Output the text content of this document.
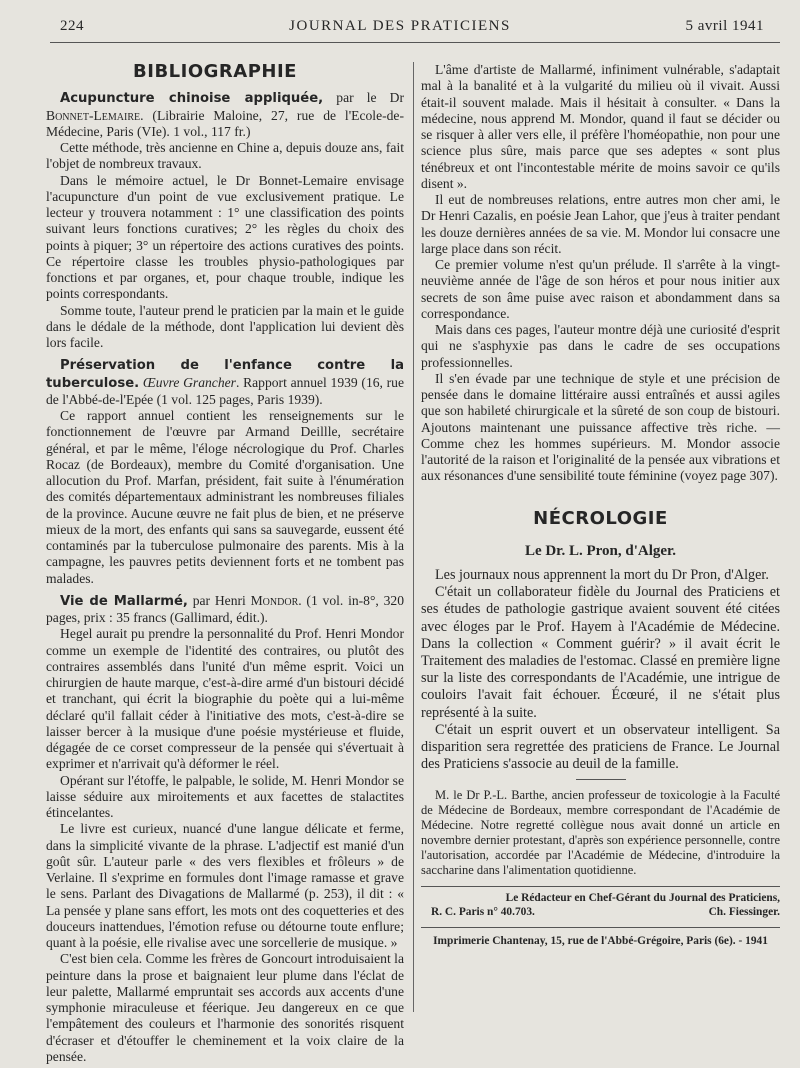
224	JOURNAL DES PRATICIENS	5 avril 1941
BIBLIOGRAPHIE

Acupuncture chinoise appliquée, par le Dr Bonnet-Lemaire. (Librairie Maloine, 27, rue de l'Ecole-de-Médecine, Paris (VIe). 1 vol., 117 fr.)

Cette méthode, très ancienne en Chine a, depuis douze ans, fait l'objet de nombreux travaux.

Dans le mémoire actuel, le Dr Bonnet-Lemaire envisage l'acupuncture d'un point de vue exclusivement pratique. Le lecteur y trouvera notamment : 1° une classification des points suivant leurs fonctions curatives; 2° les règles du choix des points à piquer; 3° un répertoire des actions curatives des points. Ce répertoire classe les troubles physio-pathologiques par fonctions et par organes, et, pour chaque trouble, indique les points correspondants.

Somme toute, l'auteur prend le praticien par la main et le guide dans le dédale de la méthode, dont l'application lui devient dès lors facile.

Préservation de l'enfance contre la tuberculose. Œuvre Grancher. Rapport annuel 1939 (16, rue de l'Abbé-de-l'Epée (1 vol. 125 pages, Paris 1939).

Ce rapport annuel contient les renseignements sur le fonctionnement de l'œuvre par Armand Deillle, secrétaire général, et par le même, l'éloge nécrologique du Prof. Charles Rocaz (de Bordeaux), membre du Comité d'organisation. Une allocution du Prof. Marfan, président, fait suite à l'énumération des comités départementaux administrant les nombreuses filiales de la province. Aucune œuvre ne fait plus de bien, et ne préserve mieux de la mort, des enfants qui sans sa sauvegarde, eussent été contaminés par la tuberculose pulmonaire des parents. Mis à la campagne, les pauvres petits deviennent forts et ne tombent pas malades.

Vie de Mallarmé, par Henri Mondor. (1 vol. in-8°, 320 pages, prix : 35 francs (Gallimard, édit.).

Hegel aurait pu prendre la personnalité du Prof. Henri Mondor comme un exemple de l'identité des contraires, ou plutôt des contraires assemblés dans l'unité d'un même esprit. Voici un chirurgien de haute marque, c'est-à-dire armé d'un bistouri décidé et tranchant, qui écrit la biographie du poète qui a lui-même déclaré qu'il fallait céder à l'initiative des mots, c'est-à-dire se laisser bercer à la musique d'une poésie mystérieuse et fluide, dégagée de ce corset compresseur de la pensée qui s'évertuait à exprimer et n'arrivait qu'à déformer le réel.

Opérant sur l'étoffe, le palpable, le solide, M. Henri Mondor se laisse séduire aux miroitements et aux facettes de stalactites étincelantes.

Le livre est curieux, nuancé d'une langue délicate et ferme, dans la simplicité vivante de la phrase. L'adjectif est manié d'un goût sûr. L'auteur parle « des vers flexibles et frôleurs » de Verlaine. Il s'exprime en formules dont l'image ramasse et grave le sens. Parlant des Divagations de Mallarmé (p. 253), il dit : « La pensée y plane sans effort, les mots ont des coquetteries et des douceurs inattendues, l'émotion refuse ou détourne toute enflure; quant à la poésie, elle rivalise avec une sorcellerie de musique. »

C'est bien cela. Comme les frères de Goncourt introduisaient la peinture dans la prose et baignaient leur plume dans l'éclat de leur palette, Mallarmé empruntait ses accords aux accents d'une symphonie miraculeuse et féerique. Jeu dangereux en ce que l'empâtement des couleurs et l'harmonie des sonorités risquent d'écraser et d'étouffer le cheminement et la voix claire de la pensée.

L'âme d'artiste de Mallarmé, infiniment vulnérable, s'adaptait mal à la banalité et à la vulgarité du milieu où il vivait. Aussi était-il souvent malade. Mais il hésitait à consulter. « Dans la médecine, nous apprend M. Mondor, quand il faut se décider ou se risquer à aller vers elle, il préfère l'homéopathie, non pour une science plus sûre, mais parce que ses adeptes « sont plus ténébreux et ont l'incontestable mérite de moins savoir ce qu'ils disent ».

Il eut de nombreuses relations, entre autres mon cher ami, le Dr Henri Cazalis, en poésie Jean Lahor, que j'eus à traiter pendant les douze dernières années de sa vie. M. Mondor lui consacre une large place dans son récit.

Ce premier volume n'est qu'un prélude. Il s'arrête à la vingt-neuvième année de l'âge de son héros et pour nous initier aux secrets de son âme puise avec raison et abondamment dans sa correspondance.

Mais dans ces pages, l'auteur montre déjà une curiosité d'esprit qui ne s'asphyxie pas dans le cadre de ses occupations professionnelles.

Il s'en évade par une technique de style et une précision de pensée dans le domaine littéraire aussi entraînés et aussi agiles que son habileté chirurgicale et la sûreté de son coup de bistouri. Ajoutons maintenant une puissance affective très riche. — Comme chez les hommes supérieurs. M. Mondor associe l'autorité de la raison et l'originalité de la pensée aux vibrations et aux résonances d'une sensibilité toute féminine (voyez page 307).

NÉCROLOGIE
Le Dr. L. Pron, d'Alger.

Les journaux nous apprennent la mort du Dr Pron, d'Alger.

C'était un collaborateur fidèle du Journal des Praticiens et ses études de pathologie gastrique avaient souvent été citées avec éloges par le Prof. Hayem à l'Académie de Médecine. Dans la collection « Comment guérir? » il avait écrit le Traitement des maladies de l'estomac. Classé en première ligne sur la liste des correspondants de l'Académie, une intrigue de couloirs l'avait fait échouer. Écœuré, il ne s'était plus représenté à la suite.

C'était un esprit ouvert et un observateur intelligent. Sa disparition sera regrettée des praticiens de France. Le Journal des Praticiens s'associe au deuil de la famille.

M. le Dr P.-L. Barthe, ancien professeur de toxicologie à la Faculté de Médecine de Bordeaux, membre correspondant de l'Académie de Médecine. Notre regretté collègue nous avait donné un article en novembre dernier protestant, d'après son expérience personnelle, contre l'autorisation, accordée par l'Académie de Médecine, d'introduire la saccharine dans l'alimentation quotidienne.

Le Rédacteur en Chef-Gérant du Journal des Praticiens,
R. C. Paris n° 40.703.	Ch. Fiessinger.
Imprimerie Chantenay, 15, rue de l'Abbé-Grégoire, Paris (6e). - 1941
